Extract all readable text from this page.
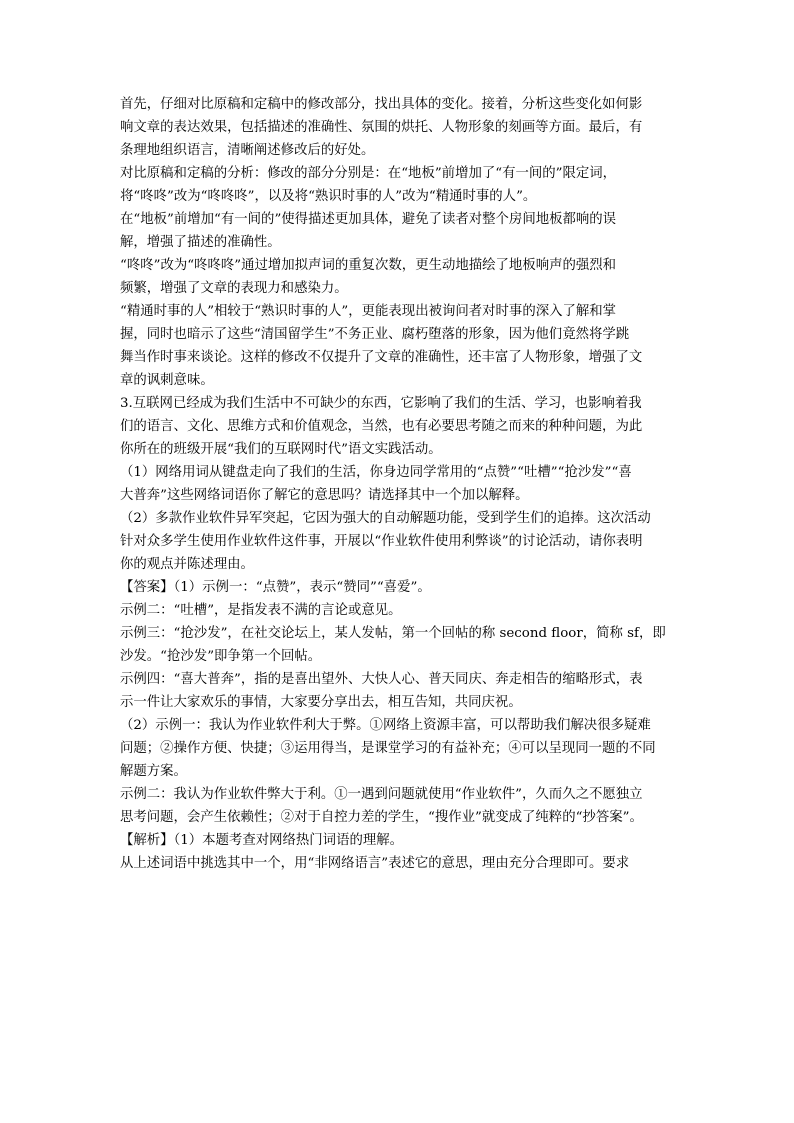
首先，仔细对比原稿和定稿中的修改部分，找出具体的变化。接着，分析这些变化如何影
响文章的表达效果，包括描述的准确性、氛围的烘托、人物形象的刻画等方面。最后，有
条理地组织语言，清晰阐述修改后的好处。
对比原稿和定稿的分析：修改的部分分别是：在“地板”前增加了“有一间的”限定词，
将“咚咚”改为“咚咚咚”，以及将“熟识时事的人”改为“精通时事的人”。
在“地板”前增加“有一间的”使得描述更加具体，避免了读者对整个房间地板都响的误
解，增强了描述的准确性。
“咚咚”改为“咚咚咚”通过增加拟声词的重复次数，更生动地描绘了地板响声的强烈和
频繁，增强了文章的表现力和感染力。
“精通时事的人”相较于“熟识时事的人”，更能表现出被询问者对时事的深入了解和掌
握，同时也暗示了这些“清国留学生”不务正业、腐朽堕落的形象，因为他们竟然将学跳
舞当作时事来谈论。这样的修改不仅提升了文章的准确性，还丰富了人物形象，增强了文
章的讽刺意味。
3.互联网已经成为我们生活中不可缺少的东西，它影响了我们的生活、学习，也影响着我
们的语言、文化、思维方式和价值观念，当然，也有必要思考随之而来的种种问题，为此
你所在的班级开展“我们的互联网时代”语文实践活动。
（1）网络用词从键盘走向了我们的生活，你身边同学常用的“点赞”“吐槽”“抢沙发”“喜
大普奔”这些网络词语你了解它的意思吗？请选择其中一个加以解释。
（2）多款作业软件异军突起，它因为强大的自动解题功能，受到学生们的追捧。这次活动
针对众多学生使用作业软件这件事，开展以“作业软件使用利弊谈”的讨论活动，请你表明
你的观点并陈述理由。
【答案】（1）示例一：“点赞”，表示“赞同”“喜爱”。
示例二：“吐槽”，是指发表不满的言论或意见。
示例三：“抢沙发”，在社交论坛上，某人发帖，第一个回帖的称 second floor，简称 sf，即
沙发。“抢沙发”即争第一个回帖。
示例四：“喜大普奔”，指的是喜出望外、大快人心、普天同庆、奔走相告的缩略形式，表
示一件让大家欢乐的事情，大家要分享出去，相互告知，共同庆祝。
（2）示例一：我认为作业软件利大于弊。①网络上资源丰富，可以帮助我们解决很多疑难
问题；②操作方便、快捷；③运用得当，是课堂学习的有益补充；④可以呈现同一题的不同
解题方案。
示例二：我认为作业软件弊大于利。①一遇到问题就使用“作业软件”，久而久之不愿独立
思考问题，会产生依赖性；②对于自控力差的学生，“搜作业”就变成了纯粹的“抄答案”。
【解析】（1）本题考查对网络热门词语的理解。
从上述词语中挑选其中一个，用“非网络语言”表述它的意思，理由充分合理即可。要求
